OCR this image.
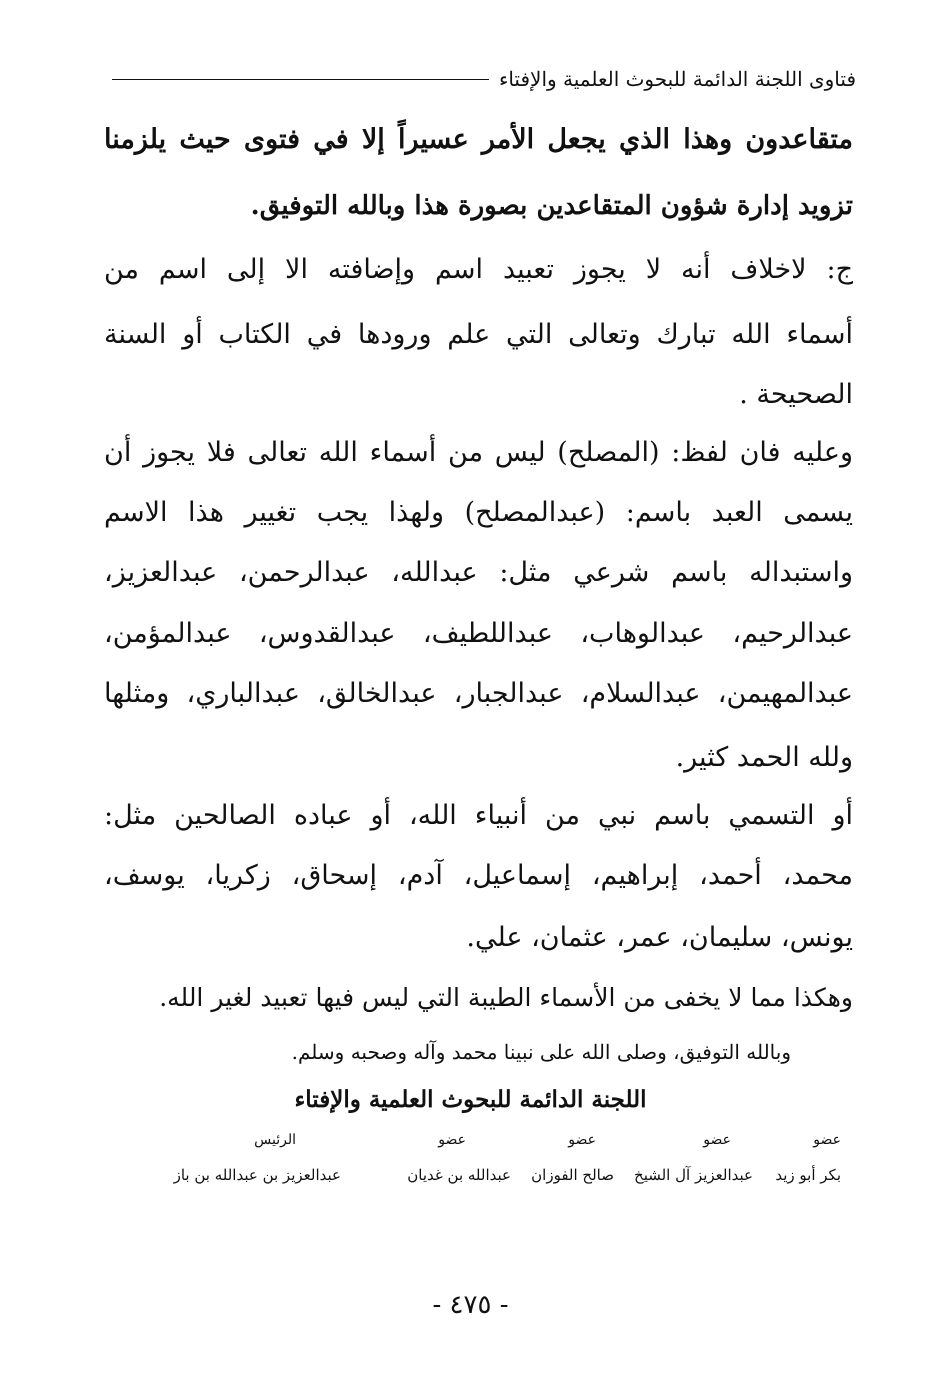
فتاوى اللجنة الدائمة للبحوث العلمية والإفتاء
متقاعدون وهذا الذي يجعل الأمر عسيراً إلا في فتوى حيث يلزمنا
تزويد إدارة شؤون المتقاعدين بصورة هذا وبالله التوفيق.
ج: لاخلاف أنه لا يجوز تعبيد اسم وإضافته الا إلى اسم من
أسماء الله تبارك وتعالى التي علم ورودها في الكتاب أو السنة
الصحيحة .
وعليه فان لفظ: (المصلح) ليس من أسماء الله تعالى فلا يجوز أن
يسمى العبد باسم: (عبدالمصلح) ولهذا يجب تغيير هذا الاسم
واستبداله باسم شرعي مثل: عبدالله، عبدالرحمن، عبدالعزيز،
عبدالرحيم، عبدالوهاب، عبداللطيف، عبدالقدوس، عبدالمؤمن،
عبدالمهيمن، عبدالسلام، عبدالجبار، عبدالخالق، عبدالباري، ومثلها
ولله الحمد كثير.
أو التسمي باسم نبي من أنبياء الله، أو عباده الصالحين مثل:
محمد، أحمد، إبراهيم، إسماعيل، آدم، إسحاق، زكريا، يوسف،
يونس، سليمان، عمر، عثمان، علي.
وهكذا مما لا يخفى من الأسماء الطيبة التي ليس فيها تعبيد لغير الله.
وبالله التوفيق، وصلى الله على نبينا محمد وآله وصحبه وسلم.
اللجنة الدائمة للبحوث العلمية والإفتاء
عضو
عضو
عضو
عضو
الرئيس
بكر أبو زيد
عبدالعزيز آل الشيخ
صالح الفوزان
عبدالله بن غديان
عبدالعزيز بن عبدالله بن باز
- ٤٧٥ -
